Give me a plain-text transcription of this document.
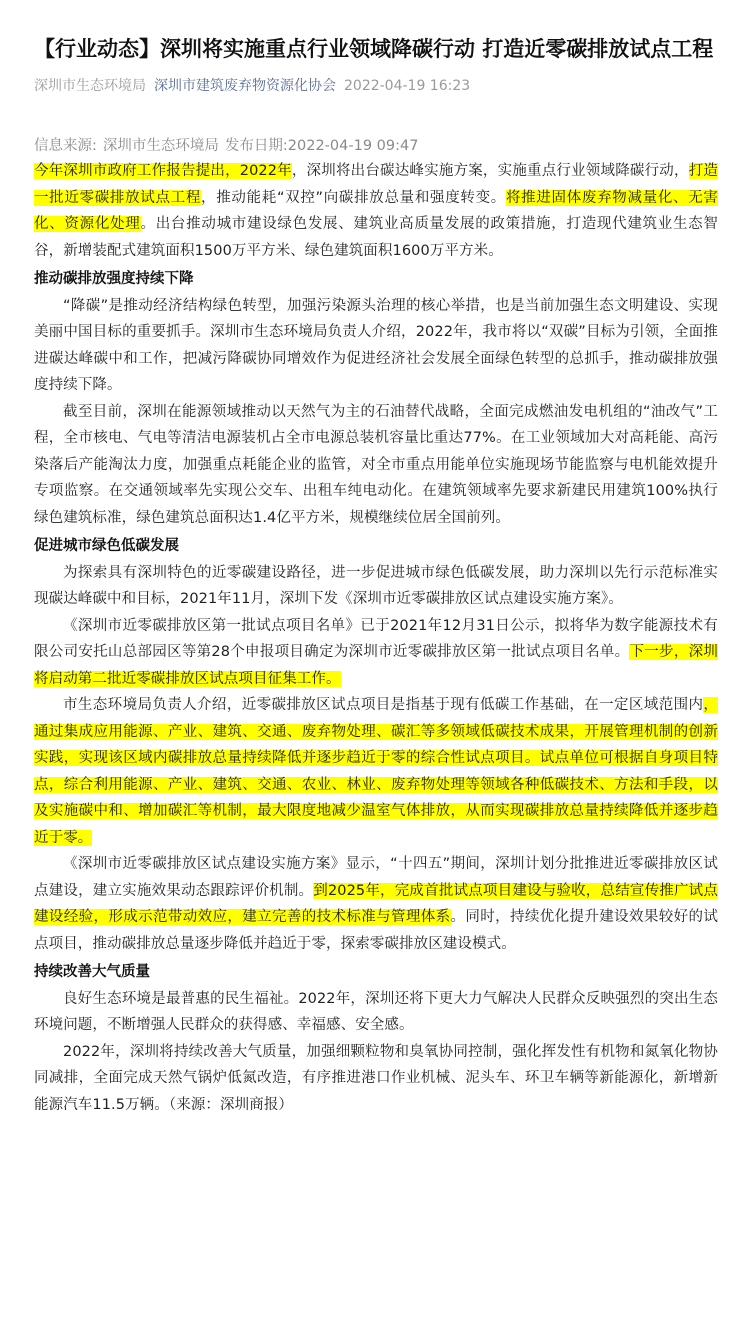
【行业动态】深圳将实施重点行业领域降碳行动 打造近零碳排放试点工程
深圳市生态环境局 深圳市建筑废弃物资源化协会 2022-04-19 16:23
信息来源: 深圳市生态环境局 发布日期:2022-04-19 09:47

今年深圳市政府工作报告提出，2022年，深圳将出台碳达峰实施方案，实施重点行业领域降碳行动，打造一批近零碳排放试点工程，推动能耗“双控”向碳排放总量和强度转变。将推进固体废弃物减量化、无害化、资源化处理。出台推动城市建设绿色发展、建筑业高质量发展的政策措施，打造现代建筑业生态智谷，新增装配式建筑面积1500万平方米、绿色建筑面积1600万平方米。

推动碳排放强度持续下降

“降碳”是推动经济结构绿色转型，加强污染源头治理的核心举措，也是当前加强生态文明建设、实现美丽中国目标的重要抓手。深圳市生态环境局负责人介绍，2022年，我市将以“双碳”目标为引领，全面推进碳达峰碳中和工作，把减污降碳协同增效作为促进经济社会发展全面绿色转型的总抓手，推动碳排放强度持续下降。

截至目前，深圳在能源领域推动以天然气为主的石油替代战略，全面完成燃油发电机组的“油改气”工程，全市核电、气电等清洁电源装机占全市电源总装机容量比重达77%。在工业领域加大对高耗能、高污染落后产能淘汰力度，加强重点耗能企业的监管，对全市重点用能单位实施现场节能监察与电机能效提升专项监察。在交通领域率先实现公交车、出租车纯电动化。在建筑领域率先要求新建民用建筑100%执行绿色建筑标准，绿色建筑总面积达1.4亿平方米，规模继续位居全国前列。

促进城市绿色低碳发展

为探索具有深圳特色的近零碳建设路径，进一步促进城市绿色低碳发展，助力深圳以先行示范标准实现碳达峰碳中和目标，2021年11月，深圳下发《深圳市近零碳排放区试点建设实施方案》。

《深圳市近零碳排放区第一批试点项目名单》已于2021年12月31日公示，拟将华为数字能源技术有限公司安托山总部园区等第28个申报项目确定为深圳市近零碳排放区第一批试点项目名单。下一步，深圳将启动第二批近零碳排放区试点项目征集工作。

市生态环境局负责人介绍，近零碳排放区试点项目是指基于现有低碳工作基础，在一定区域范围内，通过集成应用能源、产业、建筑、交通、废弃物处理、碳汇等多领域低碳技术成果，开展管理机制的创新实践，实现该区域内碳排放总量持续降低并逐步趋近于零的综合性试点项目。试点单位可根据自身项目特点，综合利用能源、产业、建筑、交通、农业、林业、废弃物处理等领域各种低碳技术、方法和手段，以及实施碳中和、增加碳汇等机制，最大限度地减少温室气体排放，从而实现碳排放总量持续降低并逐步趋近于零。

《深圳市近零碳排放区试点建设实施方案》显示，“十四五”期间，深圳计划分批推进近零碳排放区试点建设，建立实施效果动态跟踪评价机制。到2025年，完成首批试点项目建设与验收，总结宣传推广试点建设经验，形成示范带动效应，建立完善的技术标准与管理体系。同时，持续优化提升建设效果较好的试点项目，推动碳排放总量逐步降低并趋近于零，探索零碳排放区建设模式。

持续改善大气质量

良好生态环境是最普惠的民生福祉。2022年，深圳还将下更大力气解决人民群众反映强烈的突出生态环境问题，不断增强人民群众的获得感、幸福感、安全感。

2022年，深圳将持续改善大气质量，加强细颗粒物和臭氧协同控制，强化挥发性有机物和氮氧化物协同减排，全面完成天然气锅炉低氮改造，有序推进港口作业机械、泥头车、环卫车辆等新能源化，新增新能源汽车11.5万辆。（来源：深圳商报）
